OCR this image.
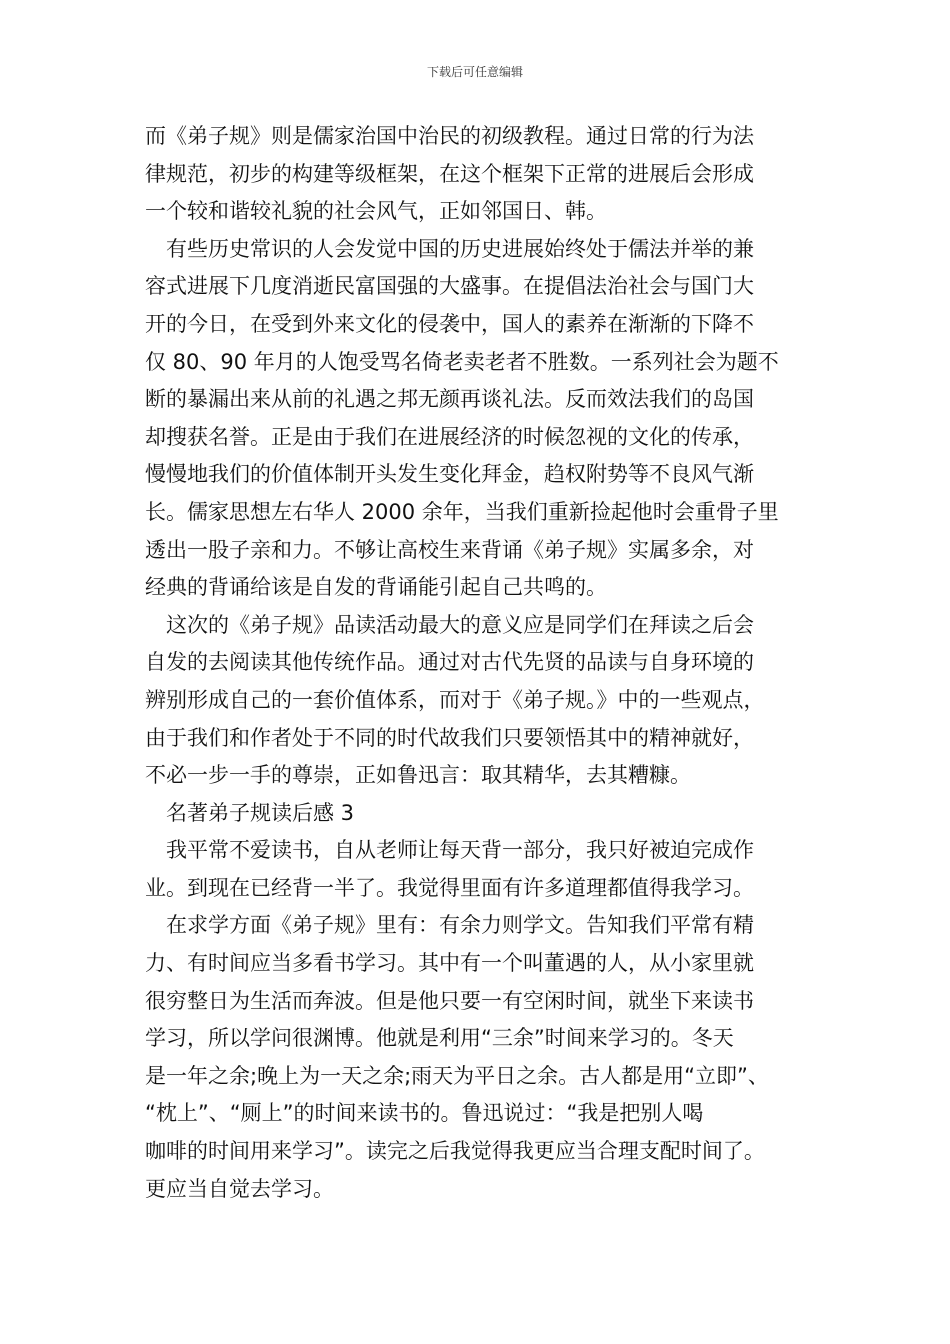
下载后可任意编辑
而《弟子规》则是儒家治国中治民的初级教程。通过日常的行为法
律规范，初步的构建等级框架，在这个框架下正常的进展后会形成
一个较和谐较礼貌的社会风气，正如邻国日、韩。
有些历史常识的人会发觉中国的历史进展始终处于儒法并举的兼
容式进展下几度消逝民富国强的大盛事。在提倡法治社会与国门大
开的今日，在受到外来文化的侵袭中，国人的素养在渐渐的下降不
仅 80、90 年月的人饱受骂名倚老卖老者不胜数。一系列社会为题不
断的暴漏出来从前的礼遇之邦无颜再谈礼法。反而效法我们的岛国
却搜获名誉。正是由于我们在进展经济的时候忽视的文化的传承，
慢慢地我们的价值体制开头发生变化拜金，趋权附势等不良风气渐
长。儒家思想左右华人 2000 余年，当我们重新捡起他时会重骨子里
透出一股子亲和力。不够让高校生来背诵《弟子规》实属多余，对
经典的背诵给该是自发的背诵能引起自己共鸣的。
这次的《弟子规》品读活动最大的意义应是同学们在拜读之后会
自发的去阅读其他传统作品。通过对古代先贤的品读与自身环境的
辨别形成自己的一套价值体系，而对于《弟子规。》中的一些观点，
由于我们和作者处于不同的时代故我们只要领悟其中的精神就好，
不必一步一手的尊崇，正如鲁迅言：取其精华，去其糟糠。
名著弟子规读后感 3
我平常不爱读书，自从老师让每天背一部分，我只好被迫完成作
业。到现在已经背一半了。我觉得里面有许多道理都值得我学习。
在求学方面《弟子规》里有：有余力则学文。告知我们平常有精
力、有时间应当多看书学习。其中有一个叫董遇的人，从小家里就
很穷整日为生活而奔波。但是他只要一有空闲时间，就坐下来读书
学习，所以学问很渊博。他就是利用“三余”时间来学习的。冬天
是一年之余;晚上为一天之余;雨天为平日之余。古人都是用“立即”、
“枕上”、“厕上”的时间来读书的。鲁迅说过：“我是把别人喝
咖啡的时间用来学习”。读完之后我觉得我更应当合理支配时间了。
更应当自觉去学习。
